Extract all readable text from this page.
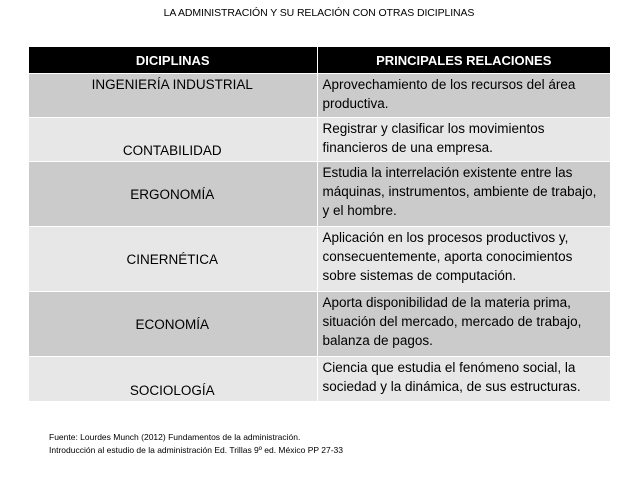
LA ADMINISTRACIÓN Y SU RELACIÓN CON OTRAS DICIPLINAS
DICIPLINAS	PRINCIPALES RELACIONES
INGENIERÍA INDUSTRIAL	Aprovechamiento de los recursos del área productiva.
CONTABILIDAD	Registrar y clasificar los movimientos financieros de una empresa.
ERGONOMÍA	Estudia la interrelación existente entre las máquinas, instrumentos, ambiente de trabajo, y el hombre.
CINERNÉTICA	Aplicación en los procesos productivos y, consecuentemente, aporta conocimientos sobre sistemas de computación.
ECONOMÍA	Aporta disponibilidad de la materia prima, situación del mercado, mercado de trabajo, balanza de pagos.
SOCIOLOGÍA	Ciencia que estudia el fenómeno social, la sociedad y la dinámica, de sus estructuras.
Fuente: Lourdes Munch (2012) Fundamentos de la administración.
Introducción al estudio de la administración Ed. Trillas 9º ed. México PP 27-33
